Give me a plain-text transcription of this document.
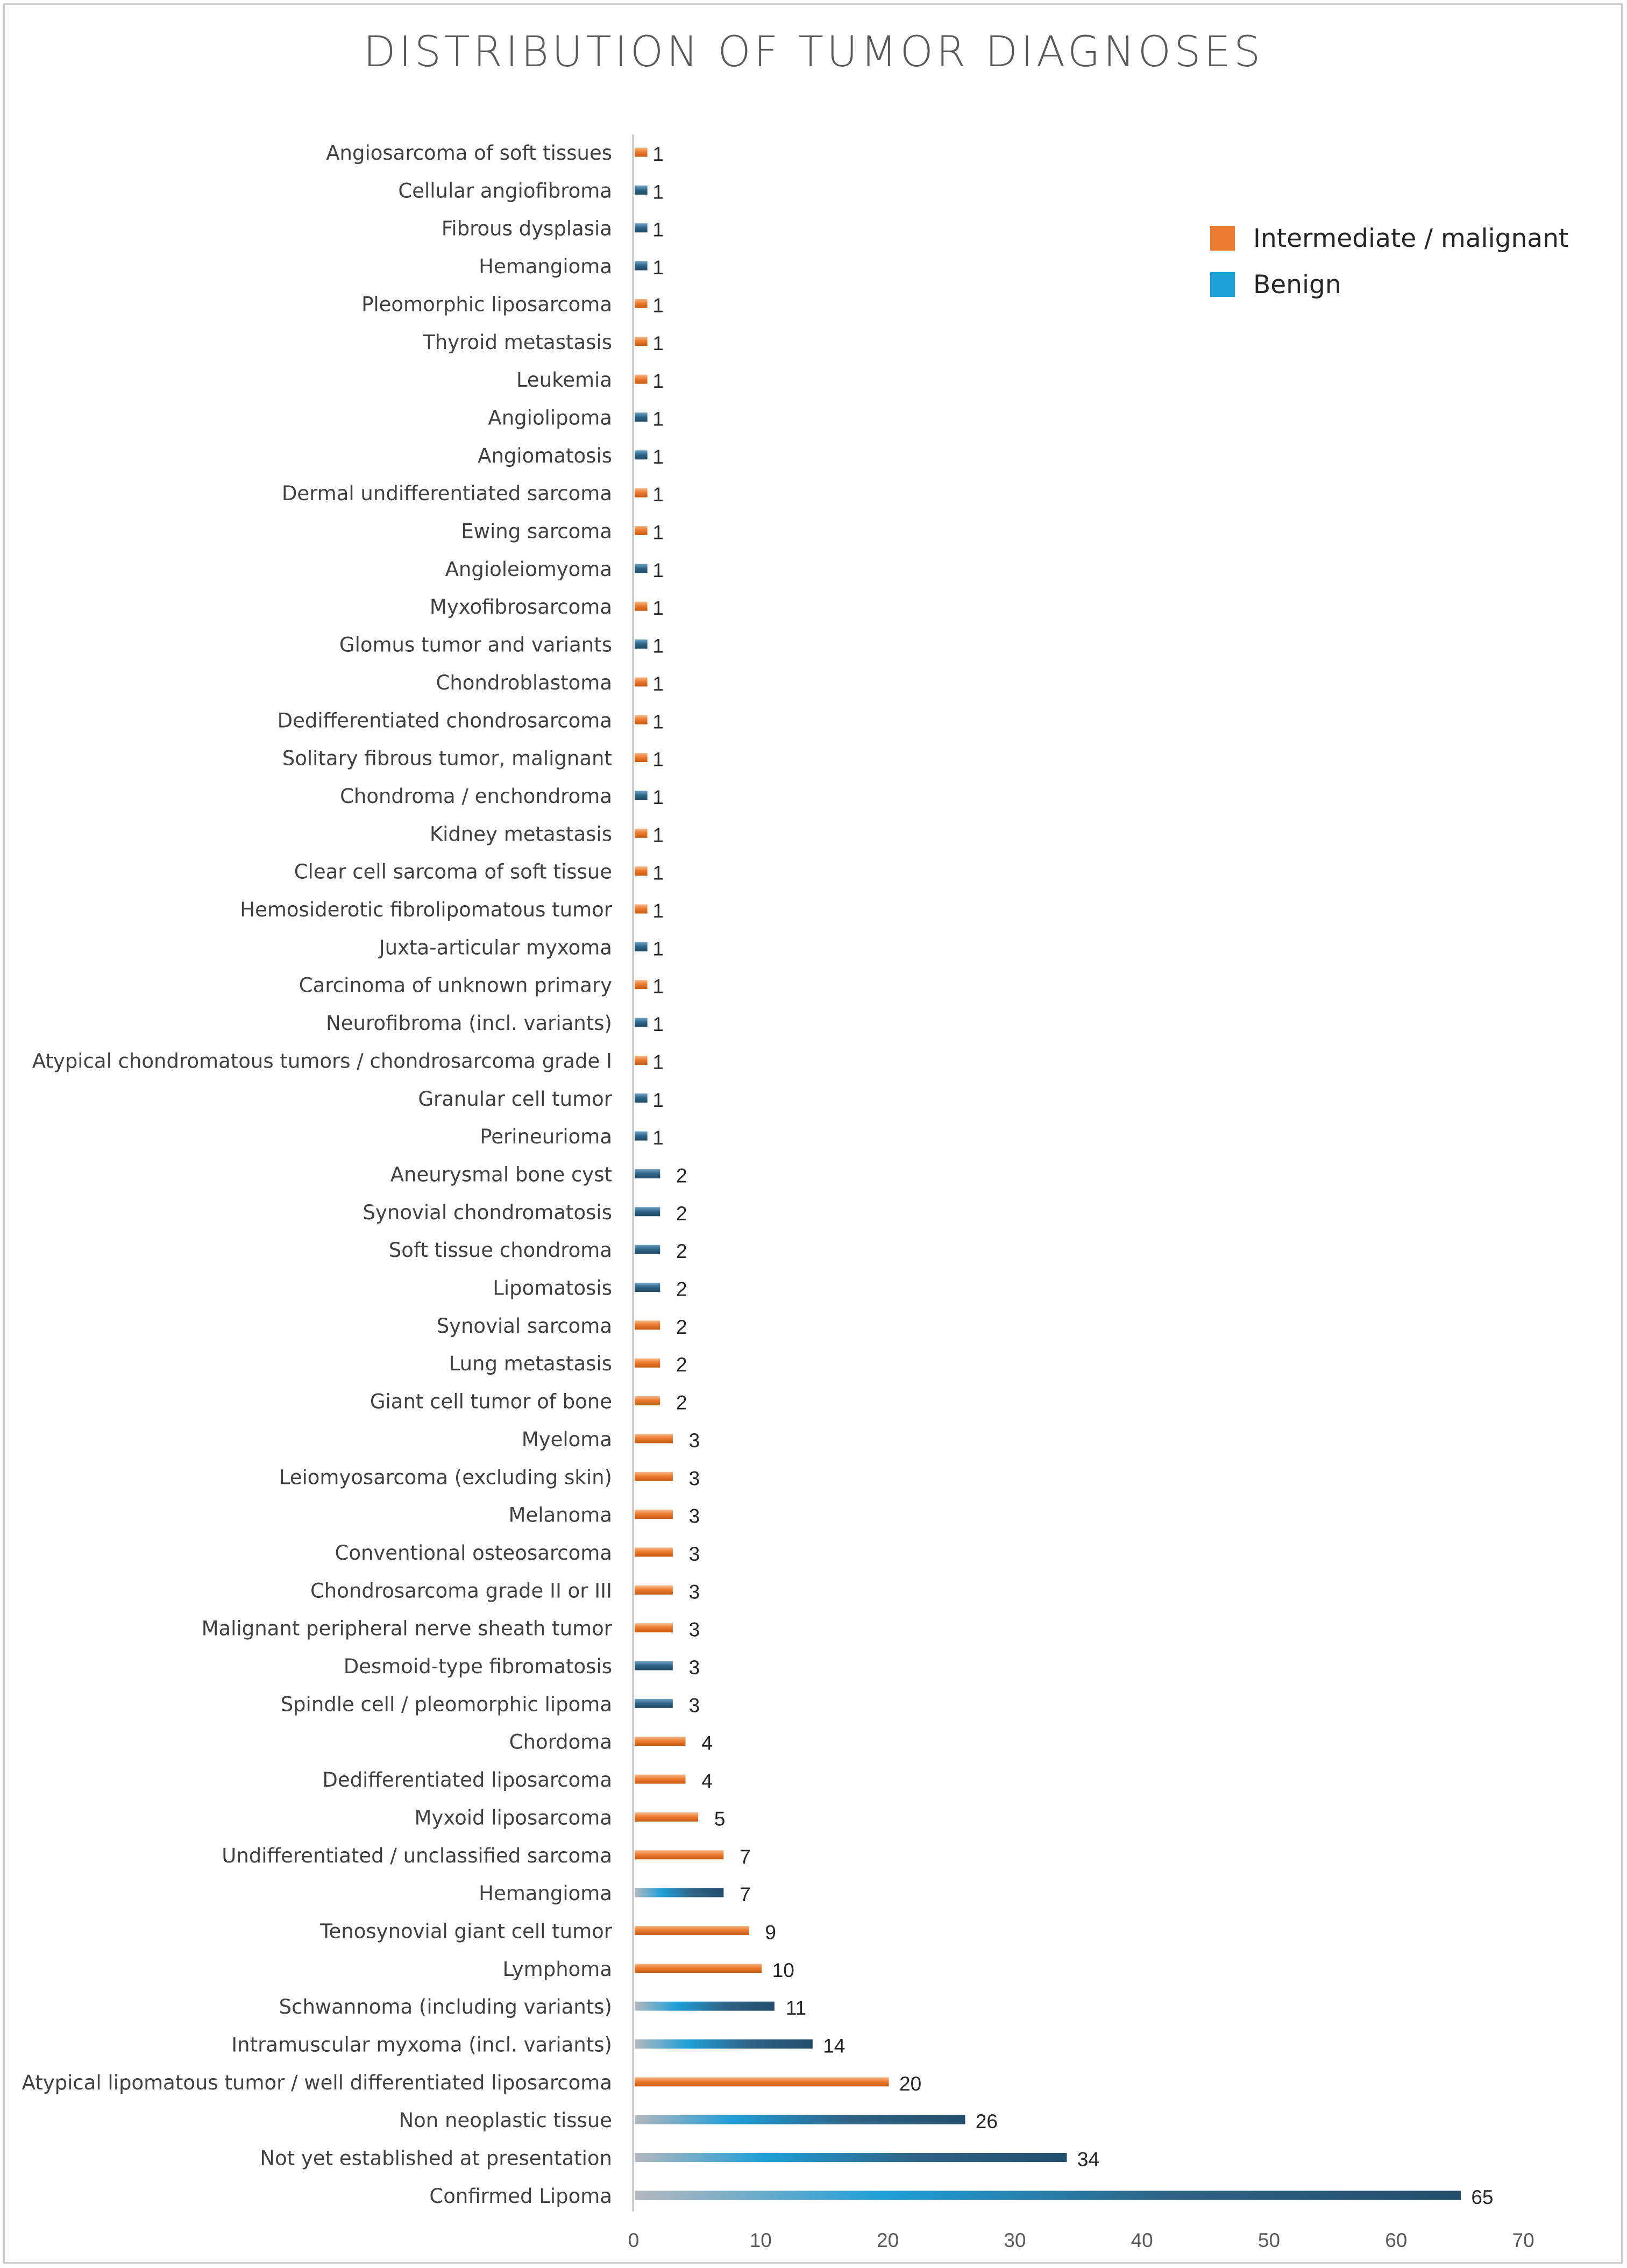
DISTRIBUTION OF TUMOR DIAGNOSES
Angiosarcoma of soft tissues
Cellular angiofibroma
Fibrous dysplasia
Hemangioma
Pleomorphic liposarcoma
Thyroid metastasis
Leukemia
Angiolipoma
Angiomatosis
Dermal undifferentiated sarcoma
Ewing sarcoma
Angioleiomyoma
Myxofibrosarcoma
Glomus tumor and variants
Chondroblastoma
Dedifferentiated chondrosarcoma
Solitary fibrous tumor, malignant
Chondroma / enchondroma
Kidney metastasis
Clear cell sarcoma of soft tissue
Hemosiderotic fibrolipomatous tumor
Juxta-articular myxoma
Carcinoma of unknown primary
Neurofibroma (incl. variants)
Atypical chondromatous tumors / chondrosarcoma grade I
Granular cell tumor
Perineurioma
Aneurysmal bone cyst
Synovial chondromatosis
Soft tissue chondroma
Lipomatosis
Synovial sarcoma
Lung metastasis
Giant cell tumor of bone
Myeloma
Leiomyosarcoma (excluding skin)
Melanoma
Conventional osteosarcoma
Chondrosarcoma grade II or III
Malignant peripheral nerve sheath tumor
Desmoid-type fibromatosis
Spindle cell / pleomorphic lipoma
Chordoma
Dedifferentiated liposarcoma
Myxoid liposarcoma
Undifferentiated / unclassified sarcoma
Hemangioma
Tenosynovial giant cell tumor
Lymphoma
Schwannoma (including variants)
Intramuscular myxoma (incl. variants)
Atypical lipomatous tumor / well differentiated liposarcoma
Non neoplastic tissue
Not yet established at presentation
Confirmed Lipoma
1
1
1
1
1
1
1
1
1
1
1
1
1
1
1
1
1
1
1
1
1
1
1
1
1
1
1
2
2
2
2
2
2
2
3
3
3
3
3
3
3
3
4
4
5
7
7
9
10
11
14
20
26
34
65
0	10	20	30	40	50	60	70
Intermediate / malignant
Benign
